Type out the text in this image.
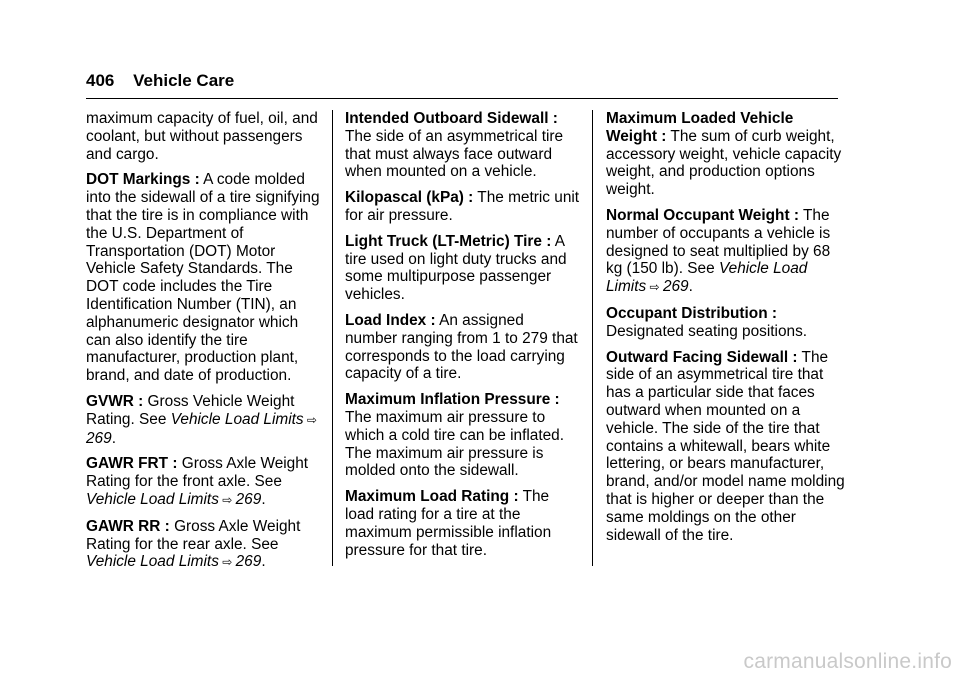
406 Vehicle Care

maximum capacity of fuel, oil, and coolant, but without passengers and cargo.

DOT Markings : A code molded into the sidewall of a tire signifying that the tire is in compliance with the U.S. Department of Transportation (DOT) Motor Vehicle Safety Standards. The DOT code includes the Tire Identification Number (TIN), an alphanumeric designator which can also identify the tire manufacturer, production plant, brand, and date of production.

GVWR : Gross Vehicle Weight Rating. See Vehicle Load Limits ⇨ 269.

GAWR FRT : Gross Axle Weight Rating for the front axle. See Vehicle Load Limits ⇨ 269.

GAWR RR : Gross Axle Weight Rating for the rear axle. See Vehicle Load Limits ⇨ 269.

Intended Outboard Sidewall : The side of an asymmetrical tire that must always face outward when mounted on a vehicle.

Kilopascal (kPa) : The metric unit for air pressure.

Light Truck (LT-Metric) Tire : A tire used on light duty trucks and some multipurpose passenger vehicles.

Load Index : An assigned number ranging from 1 to 279 that corresponds to the load carrying capacity of a tire.

Maximum Inflation Pressure : The maximum air pressure to which a cold tire can be inflated. The maximum air pressure is molded onto the sidewall.

Maximum Load Rating : The load rating for a tire at the maximum permissible inflation pressure for that tire.

Maximum Loaded Vehicle Weight : The sum of curb weight, accessory weight, vehicle capacity weight, and production options weight.

Normal Occupant Weight : The number of occupants a vehicle is designed to seat multiplied by 68 kg (150 lb). See Vehicle Load Limits ⇨ 269.

Occupant Distribution : Designated seating positions.

Outward Facing Sidewall : The side of an asymmetrical tire that has a particular side that faces outward when mounted on a vehicle. The side of the tire that contains a whitewall, bears white lettering, or bears manufacturer, brand, and/or model name molding that is higher or deeper than the same moldings on the other sidewall of the tire.

carmanualsonline.info
